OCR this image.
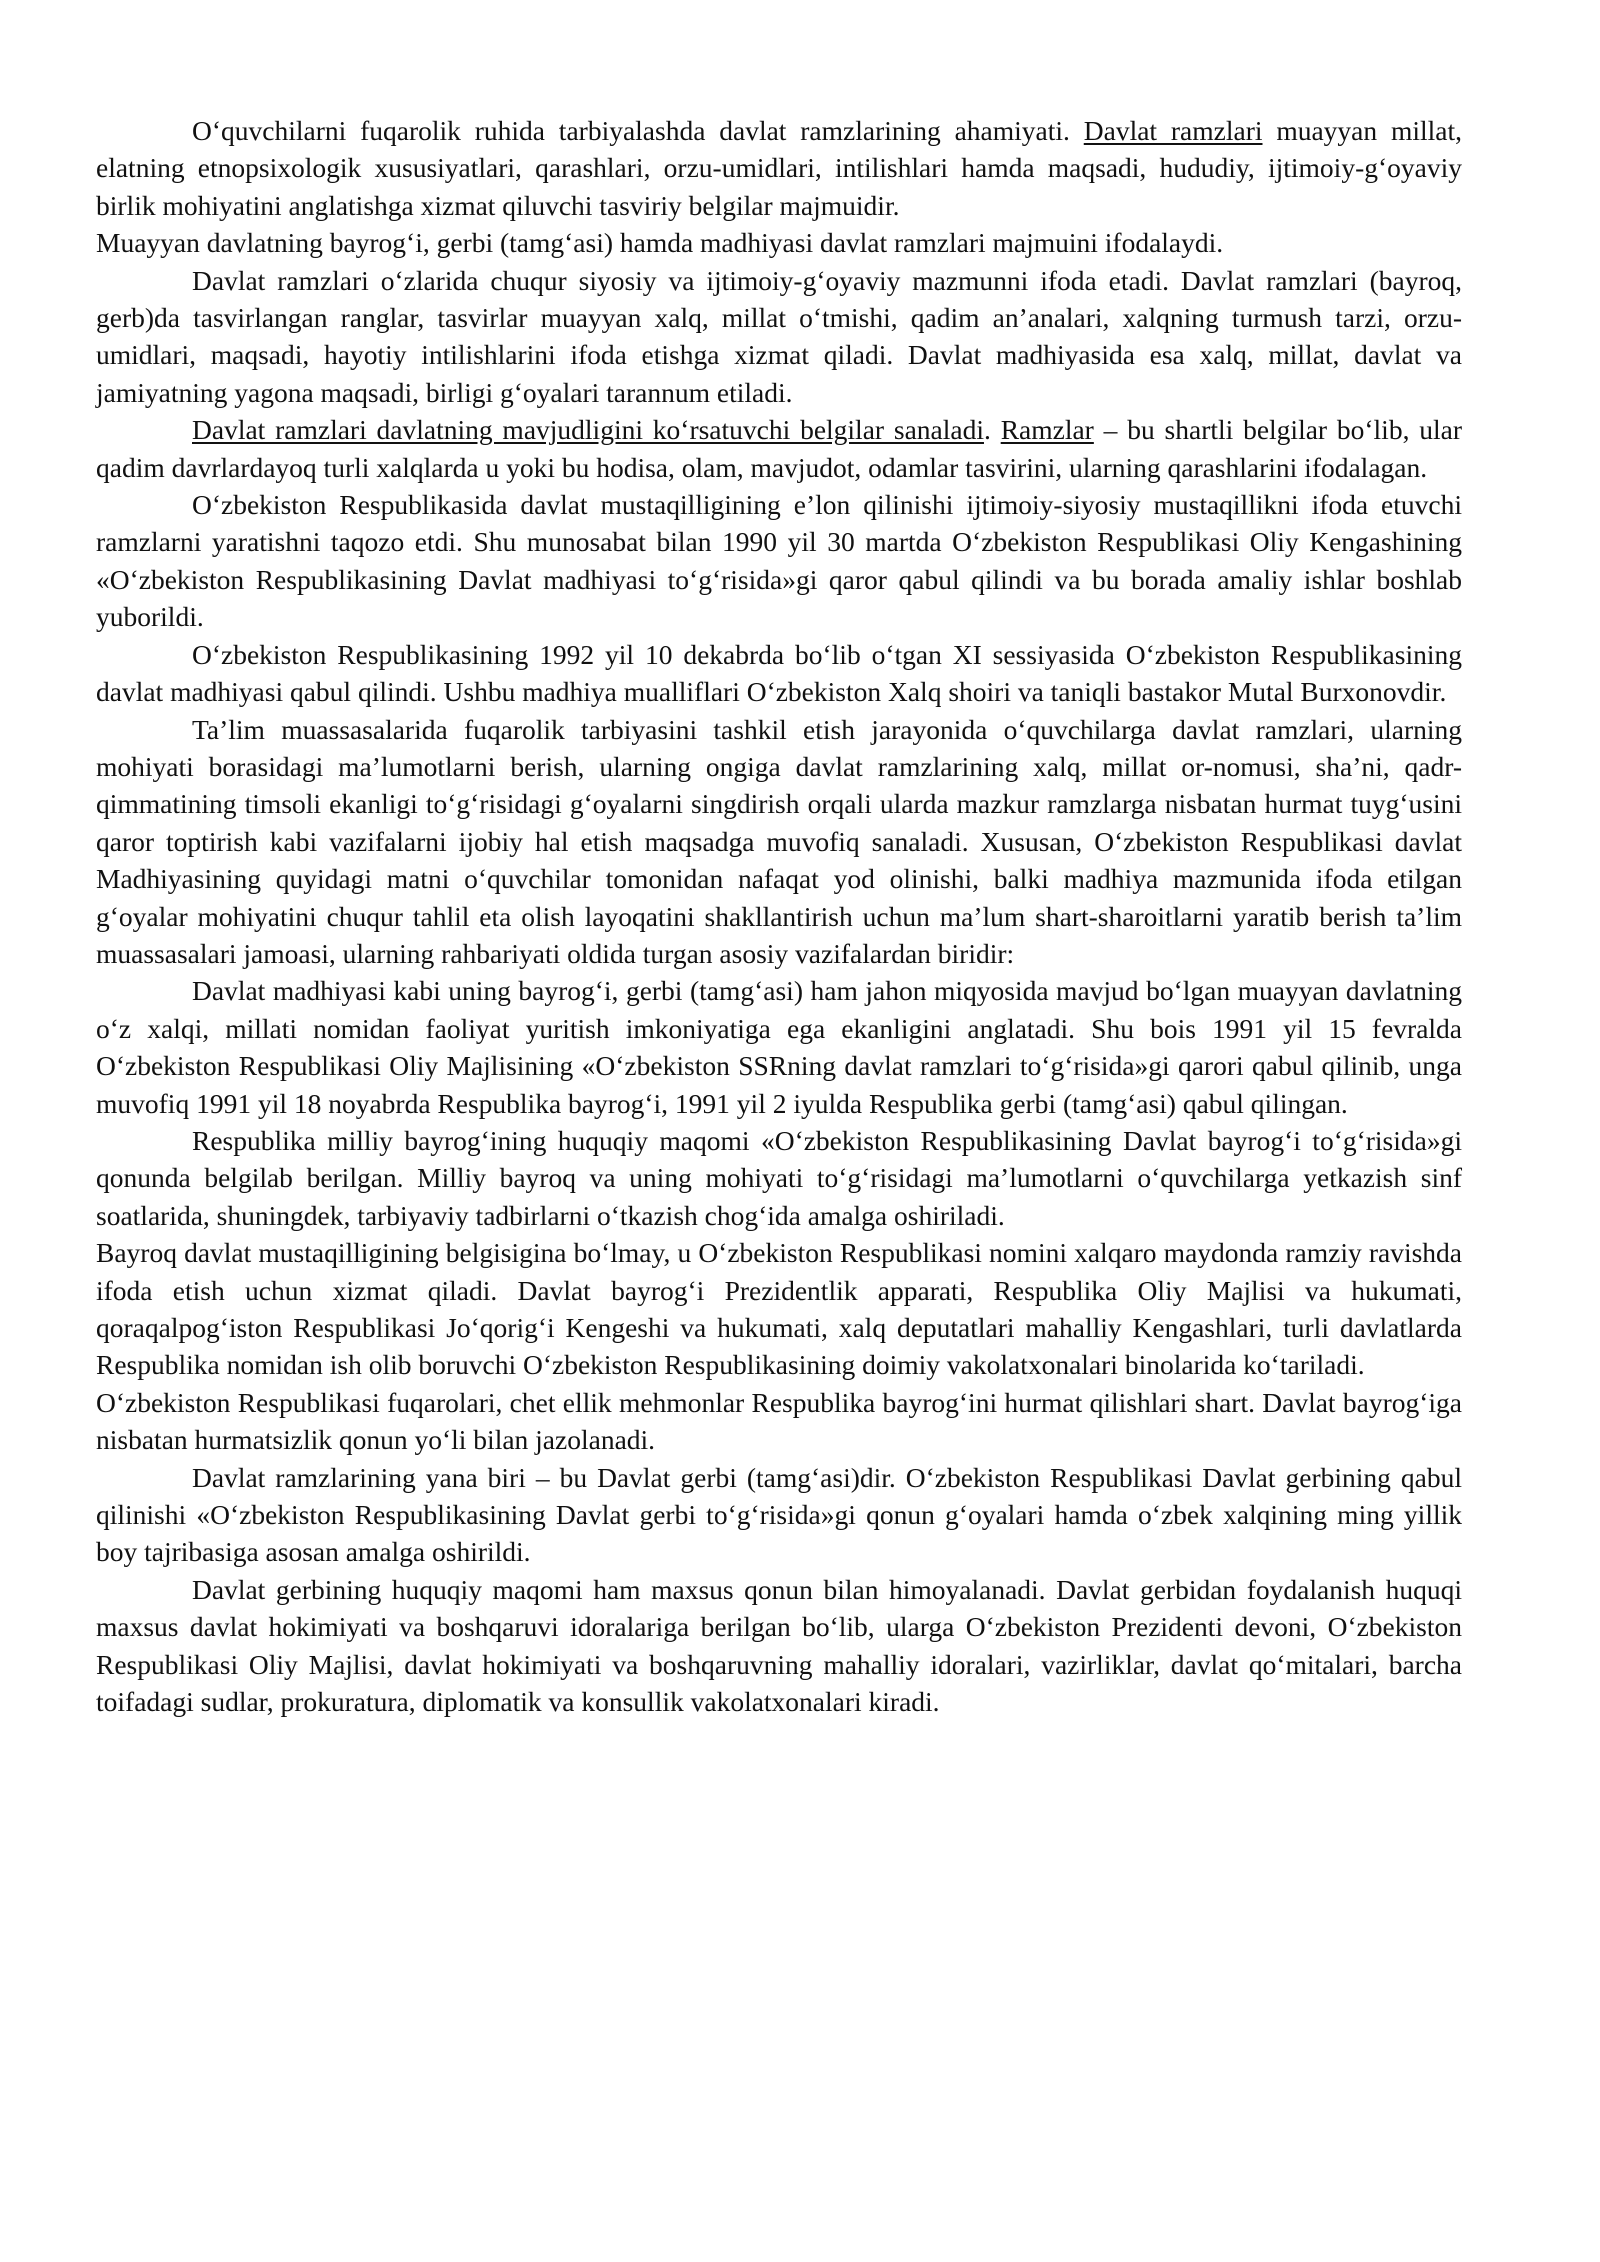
O‘quvchilarni fuqarolik ruhida tarbiyalashda davlat ramzlarining ahamiyati. Davlat ramzlari muayyan millat, elatning etnopsixologik xususiyatlari, qarashlari, orzu-umidlari, intilishlari hamda maqsadi, hududiy, ijtimoiy-g‘oyaviy birlik mohiyatini anglatishga xizmat qiluvchi tasviriy belgilar majmuidir.

Muayyan davlatning bayrog‘i, gerbi (tamg‘asi) hamda madhiyasi davlat ramzlari majmuini ifodalaydi.

Davlat ramzlari o‘zlarida chuqur siyosiy va ijtimoiy-g‘oyaviy mazmunni ifoda etadi. Davlat ramzlari (bayroq, gerb)da tasvirlangan ranglar, tasvirlar muayyan xalq, millat o‘tmishi, qadim an’analari, xalqning turmush tarzi, orzu-umidlari, maqsadi, hayotiy intilishlarini ifoda etishga xizmat qiladi. Davlat madhiyasida esa xalq, millat, davlat va jamiyatning yagona maqsadi, birligi g‘oyalari tarannum etiladi.

Davlat ramzlari davlatning mavjudligini ko‘rsatuvchi belgilar sanaladi. Ramzlar – bu shartli belgilar bo‘lib, ular qadim davrlardayoq turli xalqlarda u yoki bu hodisa, olam, mavjudot, odamlar tasvirini, ularning qarashlarini ifodalagan.

O‘zbekiston Respublikasida davlat mustaqilligining e’lon qilinishi ijtimoiy-siyosiy mustaqillikni ifoda etuvchi ramzlarni yaratishni taqozo etdi. Shu munosabat bilan 1990 yil 30 martda O‘zbekiston Respublikasi Oliy Kengashining «O‘zbekiston Respublikasining Davlat madhiyasi to‘g‘risida»gi qaror qabul qilindi va bu borada amaliy ishlar boshlab yuborildi.

O‘zbekiston Respublikasining 1992 yil 10 dekabrda bo‘lib o‘tgan XI sessiyasida O‘zbekiston Respublikasining davlat madhiyasi qabul qilindi. Ushbu madhiya mualliflari O‘zbekiston Xalq shoiri va taniqli bastakor Mutal Burxonovdir.

Ta’lim muassasalarida fuqarolik tarbiyasini tashkil etish jarayonida o‘quvchilarga davlat ramzlari, ularning mohiyati borasidagi ma’lumotlarni berish, ularning ongiga davlat ramzlarining xalq, millat or-nomusi, sha’ni, qadr-qimmatining timsoli ekanligi to‘g‘risidagi g‘oyalarni singdirish orqali ularda mazkur ramzlarga nisbatan hurmat tuyg‘usini qaror toptirish kabi vazifalarni ijobiy hal etish maqsadga muvofiq sanaladi. Xususan, O‘zbekiston Respublikasi davlat Madhiyasining quyidagi matni o‘quvchilar tomonidan nafaqat yod olinishi, balki madhiya mazmunida ifoda etilgan g‘oyalar mohiyatini chuqur tahlil eta olish layoqatini shakllantirish uchun ma’lum shart-sharoitlarni yaratib berish ta’lim muassasalari jamoasi, ularning rahbariyati oldida turgan asosiy vazifalardan biridir:

Davlat madhiyasi kabi uning bayrog‘i, gerbi (tamg‘asi) ham jahon miqyosida mavjud bo‘lgan muayyan davlatning o‘z xalqi, millati nomidan faoliyat yuritish imkoniyatiga ega ekanligini anglatadi. Shu bois 1991 yil 15 fevralda O‘zbekiston Respublikasi Oliy Majlisining «O‘zbekiston SSRning davlat ramzlari to‘g‘risida»gi qarori qabul qilinib, unga muvofiq 1991 yil 18 noyabrda Respublika bayrog‘i, 1991 yil 2 iyulda Respublika gerbi (tamg‘asi) qabul qilingan.

Respublika milliy bayrog‘ining huquqiy maqomi «O‘zbekiston Respublikasining Davlat bayrog‘i to‘g‘risida»gi qonunda belgilab berilgan. Milliy bayroq va uning mohiyati to‘g‘risidagi ma’lumotlarni o‘quvchilarga yetkazish sinf soatlarida, shuningdek, tarbiyaviy tadbirlarni o‘tkazish chog‘ida amalga oshiriladi.

Bayroq davlat mustaqilligining belgisigina bo‘lmay, u O‘zbekiston Respublikasi nomini xalqaro maydonda ramziy ravishda ifoda etish uchun xizmat qiladi. Davlat bayrog‘i Prezidentlik apparati, Respublika Oliy Majlisi va hukumati, qoraqalpog‘iston Respublikasi Jo‘qorig‘i Kengeshi va hukumati, xalq deputatlari mahalliy Kengashlari, turli davlatlarda Respublika nomidan ish olib boruvchi O‘zbekiston Respublikasining doimiy vakolatxonalari binolarida ko‘tariladi.

O‘zbekiston Respublikasi fuqarolari, chet ellik mehmonlar Respublika bayrog‘ini hurmat qilishlari shart. Davlat bayrog‘iga nisbatan hurmatsizlik qonun yo‘li bilan jazolanadi.

Davlat ramzlarining yana biri – bu Davlat gerbi (tamg‘asi)dir. O‘zbekiston Respublikasi Davlat gerbining qabul qilinishi «O‘zbekiston Respublikasining Davlat gerbi to‘g‘risida»gi qonun g‘oyalari hamda o‘zbek xalqining ming yillik boy tajribasiga asosan amalga oshirildi.

Davlat gerbining huquqiy maqomi ham maxsus qonun bilan himoyalanadi. Davlat gerbidan foydalanish huquqi maxsus davlat hokimiyati va boshqaruvi idoralariga berilgan bo‘lib, ularga O‘zbekiston Prezidenti devoni, O‘zbekiston Respublikasi Oliy Majlisi, davlat hokimiyati va boshqaruvning mahalliy idoralari, vazirliklar, davlat qo‘mitalari, barcha toifadagi sudlar, prokuratura, diplomatik va konsullik vakolatxonalari kiradi.
